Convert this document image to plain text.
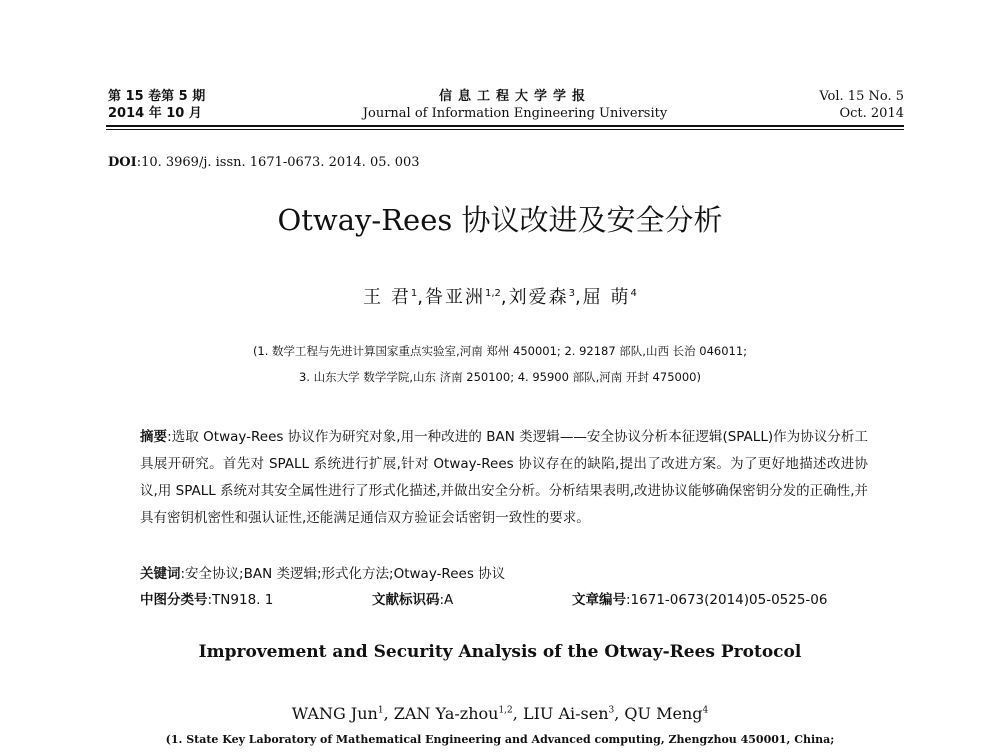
第 15 卷第 5 期
2014 年 10 月
信息工程大学学报
Journal of Information Engineering University
Vol. 15 No. 5
Oct. 2014
DOI:10. 3969/j. issn. 1671-0673. 2014. 05. 003
Otway-Rees 协议改进及安全分析
王 君$^1$,昝亚洲$^{1,2}$,刘爱森$^3$,屈 萌$^4$
(1. 数学工程与先进计算国家重点实验室,河南 郑州 450001; 2. 92187 部队,山西 长治 046011;
3. 山东大学 数学学院,山东 济南 250100; 4. 95900 部队,河南 开封 475000)
摘要:选取 Otway-Rees 协议作为研究对象,用一种改进的 BAN 类逻辑——安全协议分析本征逻辑(SPALL)作为协议分析工具展开研究。首先对 SPALL 系统进行扩展,针对 Otway-Rees 协议存在的缺陷,提出了改进方案。为了更好地描述改进协议,用 SPALL 系统对其安全属性进行了形式化描述,并做出安全分析。分析结果表明,改进协议能够确保密钥分发的正确性,并具有密钥机密性和强认证性,还能满足通信双方验证会话密钥一致性的要求。
关键词:安全协议;BAN 类逻辑;形式化方法;Otway-Rees 协议
中图分类号:TN918. 1	文献标识码:A	文章编号:1671-0673(2014)05-0525-06
Improvement and Security Analysis of the Otway-Rees Protocol
WANG Jun$^1$, ZAN Ya-zhou$^{1,2}$, LIU Ai-sen$^3$, QU Meng$^4$
(1. State Key Laboratory of Mathematical Engineering and Advanced computing, Zhengzhou 450001, China;
